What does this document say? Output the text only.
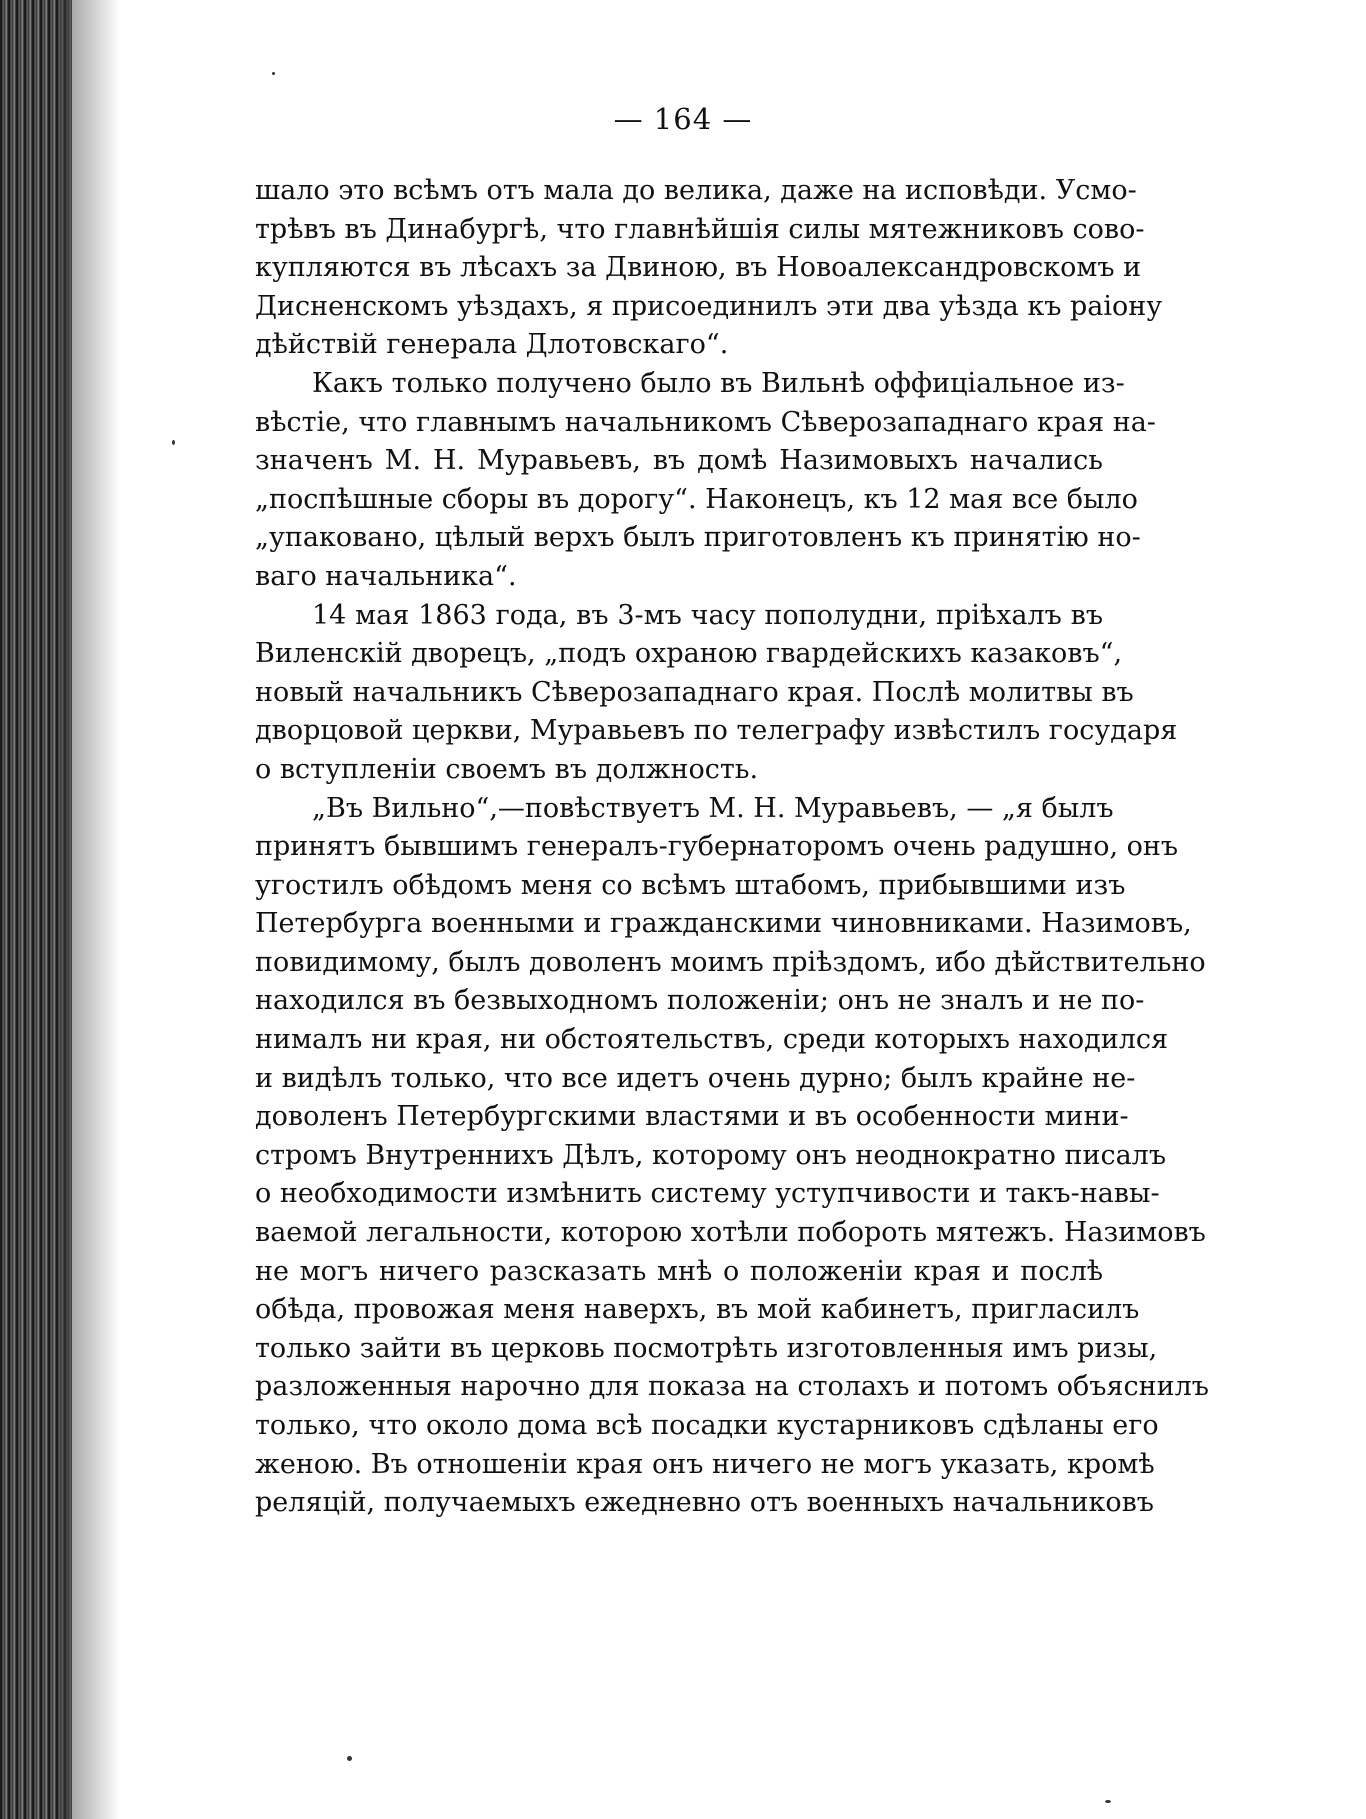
— 164 —
шало это всѣмъ отъ мала до велика, даже на исповѣди. Усмо-
трѣвъ въ Динабургѣ, что главнѣйшія силы мятежниковъ сово-
купляются въ лѣсахъ за Двиною, въ Новоалександровскомъ и
Дисненскомъ уѣздахъ, я присоединилъ эти два уѣзда къ раіону
дѣйствій генерала Длотовскаго“.
Какъ только получено было въ Вильнѣ оффиціальное из-
вѣстіе, что главнымъ начальникомъ Сѣверозападнаго края на-
значенъ М. Н. Муравьевъ, въ домѣ Назимовыхъ начались
„поспѣшные сборы въ дорогу“. Наконецъ, къ 12 мая все было
„упаковано, цѣлый верхъ былъ приготовленъ къ принятію но-
ваго начальника“.
14 мая 1863 года, въ 3-мъ часу пополудни, пріѣхалъ въ
Виленскій дворецъ, „подъ охраною гвардейскихъ казаковъ“,
новый начальникъ Сѣверозападнаго края. Послѣ молитвы въ
дворцовой церкви, Муравьевъ по телеграфу извѣстилъ государя
о вступленіи своемъ въ должность.
„Въ Вильно“,—повѣствуетъ М. Н. Муравьевъ, — „я былъ
принятъ бывшимъ генералъ-губернаторомъ очень радушно, онъ
угостилъ обѣдомъ меня со всѣмъ штабомъ, прибывшими изъ
Петербурга военными и гражданскими чиновниками. Назимовъ,
повидимому, былъ доволенъ моимъ пріѣздомъ, ибо дѣйствительно
находился въ безвыходномъ положеніи; онъ не зналъ и не по-
нималъ ни края, ни обстоятельствъ, среди которыхъ находился
и видѣлъ только, что все идетъ очень дурно; былъ крайне не-
доволенъ Петербургскими властями и въ особенности мини-
стромъ Внутреннихъ Дѣлъ, которому онъ неоднократно писалъ
о необходимости измѣнить систему уступчивости и такъ-навы-
ваемой легальности, которою хотѣли побороть мятежъ. Назимовъ
не могъ ничего разсказать мнѣ о положеніи края и послѣ
обѣда, провожая меня наверхъ, въ мой кабинетъ, пригласилъ
только зайти въ церковь посмотрѣть изготовленныя имъ ризы,
разложенныя нарочно для показа на столахъ и потомъ объяснилъ
только, что около дома всѣ посадки кустарниковъ сдѣланы его
женою. Въ отношеніи края онъ ничего не могъ указать, кромѣ
реляцій, получаемыхъ ежедневно отъ военныхъ начальниковъ
